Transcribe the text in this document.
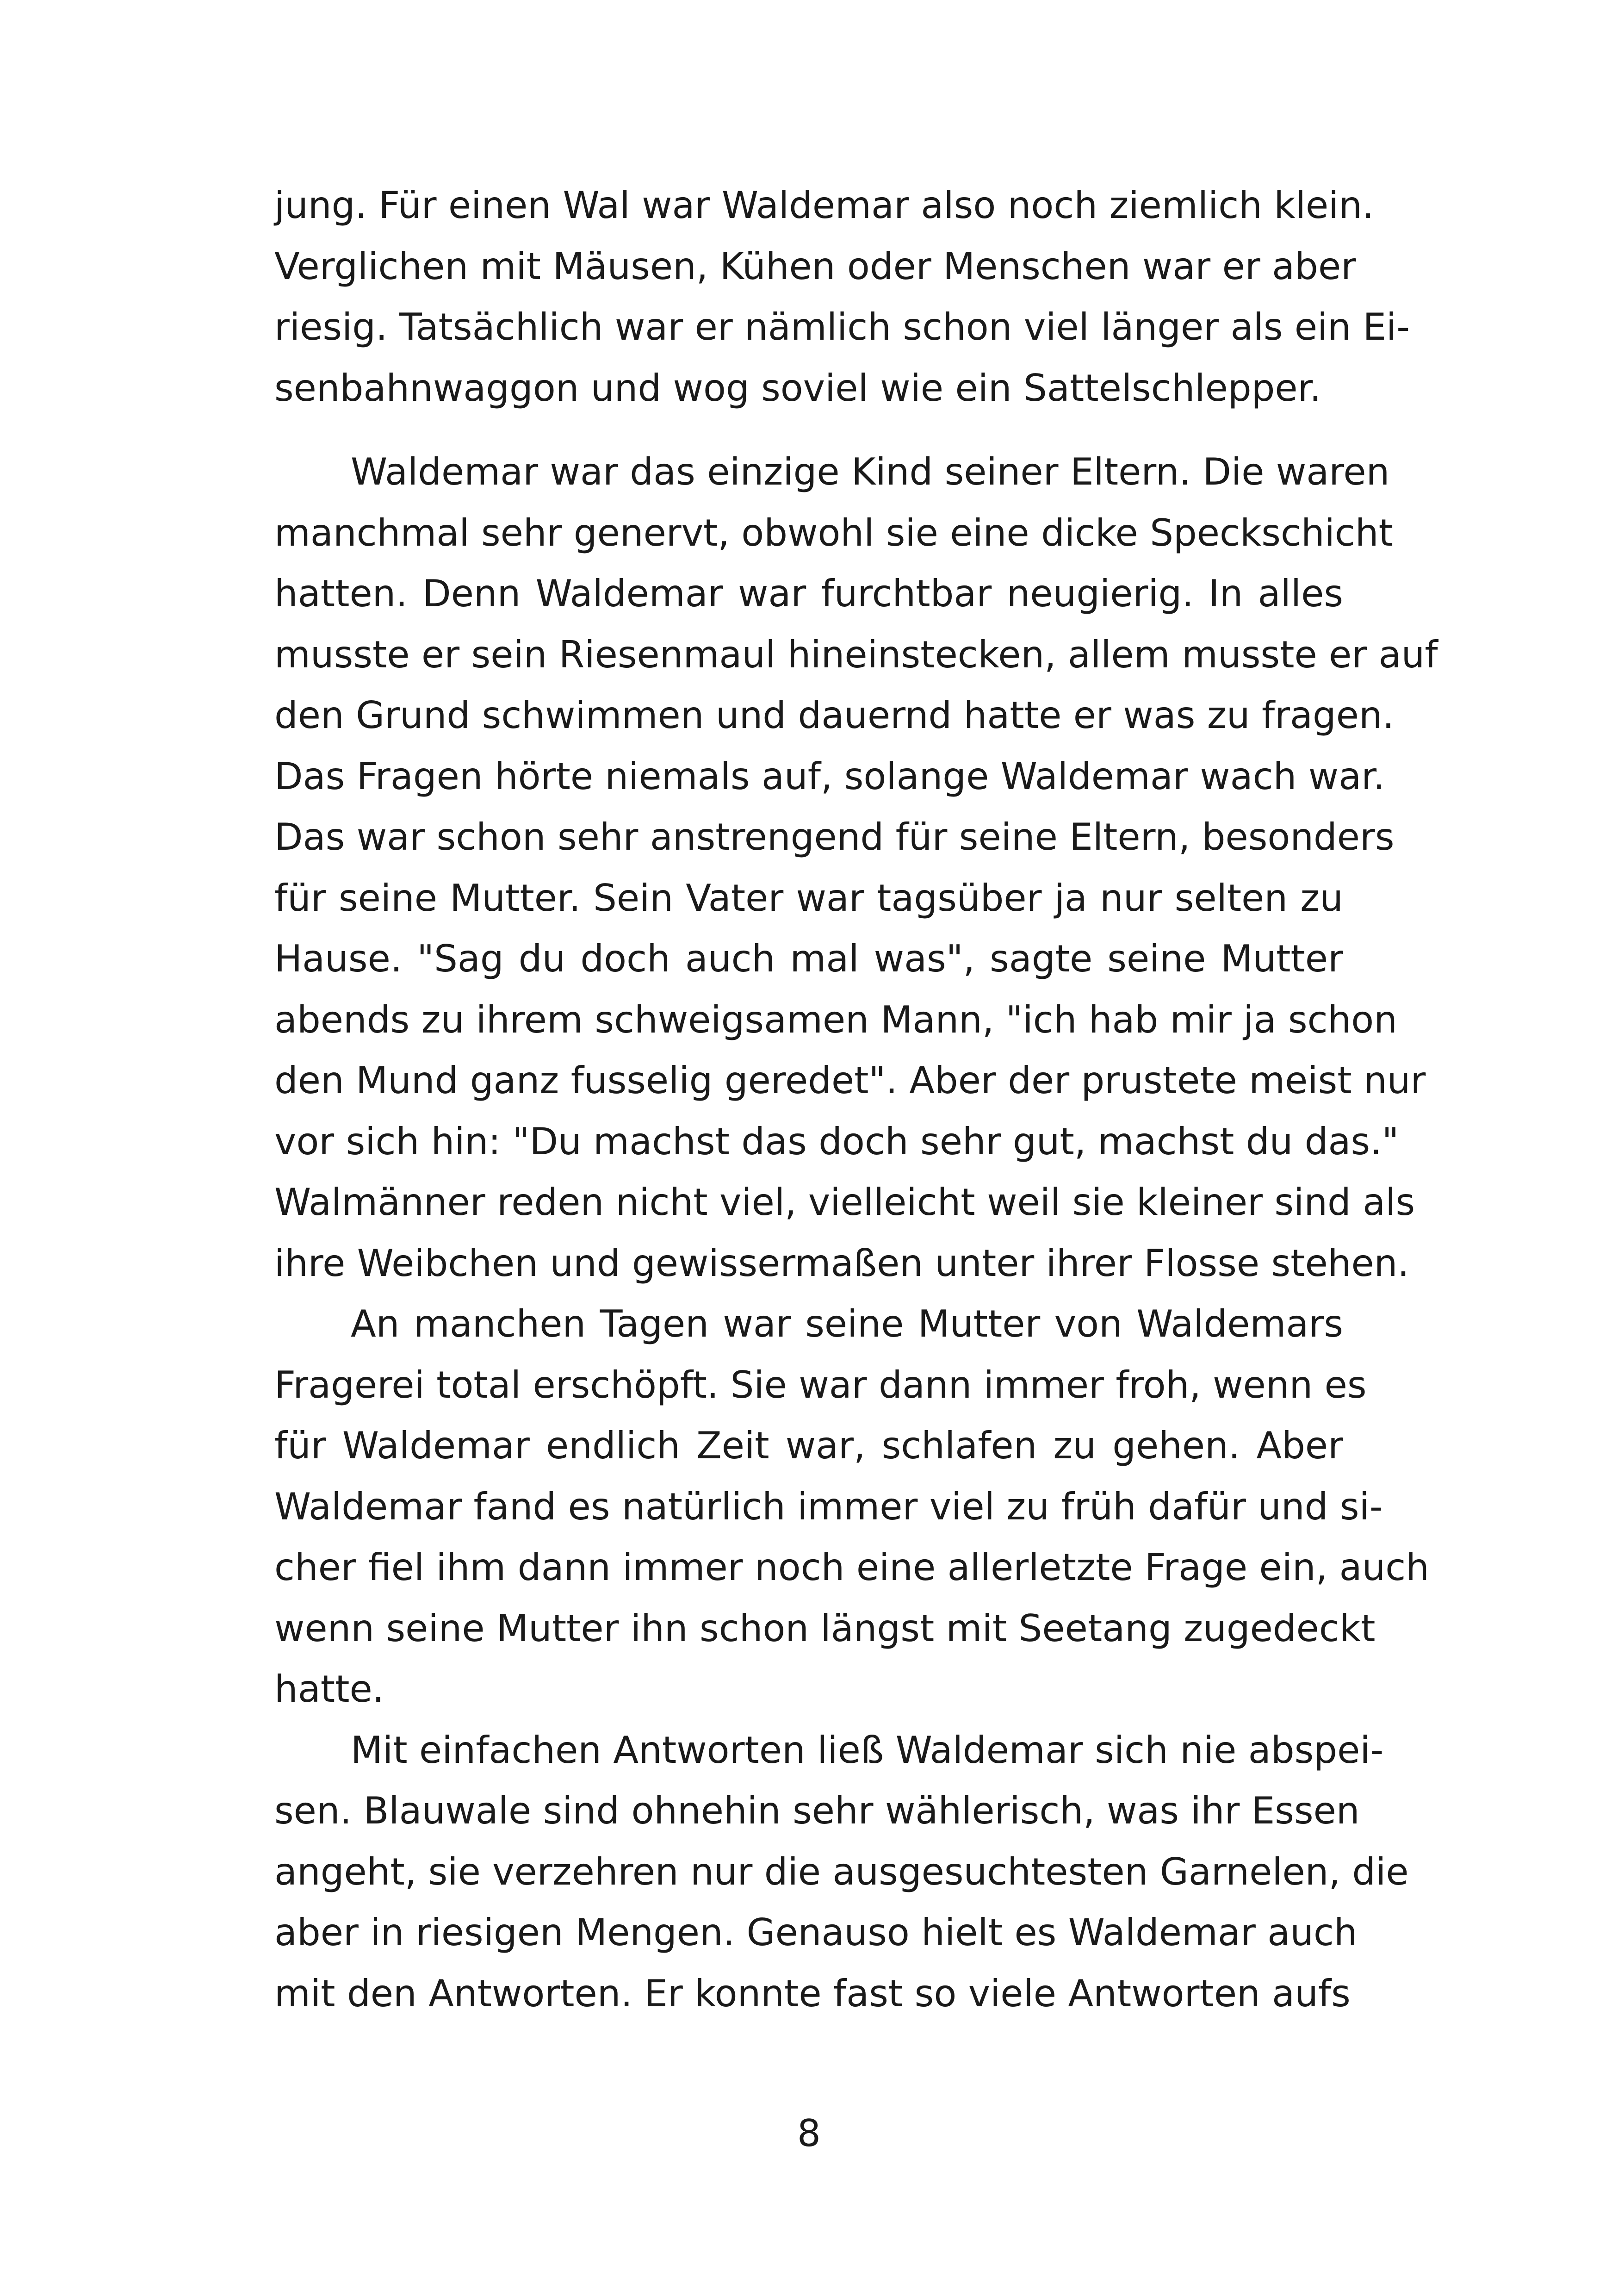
jung. Für einen Wal war Waldemar also noch ziemlich klein.
Verglichen mit Mäusen, Kühen oder Menschen war er aber
riesig. Tatsächlich war er nämlich schon viel länger als ein Ei-
senbahnwaggon und wog soviel wie ein Sattelschlepper.
Waldemar war das einzige Kind seiner Eltern. Die waren
manchmal sehr genervt, obwohl sie eine dicke Speckschicht
hatten. Denn Waldemar war furchtbar neugierig. In alles
musste er sein Riesenmaul hineinstecken, allem musste er auf
den Grund schwimmen und dauernd hatte er was zu fragen.
Das Fragen hörte niemals auf, solange Waldemar wach war.
Das war schon sehr anstrengend für seine Eltern, besonders
für seine Mutter. Sein Vater war tagsüber ja nur selten zu
Hause. "Sag du doch auch mal was", sagte seine Mutter
abends zu ihrem schweigsamen Mann, "ich hab mir ja schon
den Mund ganz fusselig geredet". Aber der prustete meist nur
vor sich hin: "Du machst das doch sehr gut, machst du das."
Walmänner reden nicht viel, vielleicht weil sie kleiner sind als
ihre Weibchen und gewissermaßen unter ihrer Flosse stehen.
An manchen Tagen war seine Mutter von Waldemars
Fragerei total erschöpft. Sie war dann immer froh, wenn es
für Waldemar endlich Zeit war, schlafen zu gehen. Aber
Waldemar fand es natürlich immer viel zu früh dafür und si-
cher fiel ihm dann immer noch eine allerletzte Frage ein, auch
wenn seine Mutter ihn schon längst mit Seetang zugedeckt
hatte.
Mit einfachen Antworten ließ Waldemar sich nie abspei-
sen. Blauwale sind ohnehin sehr wählerisch, was ihr Essen
angeht, sie verzehren nur die ausgesuchtesten Garnelen, die
aber in riesigen Mengen. Genauso hielt es Waldemar auch
mit den Antworten. Er konnte fast so viele Antworten aufs
8
